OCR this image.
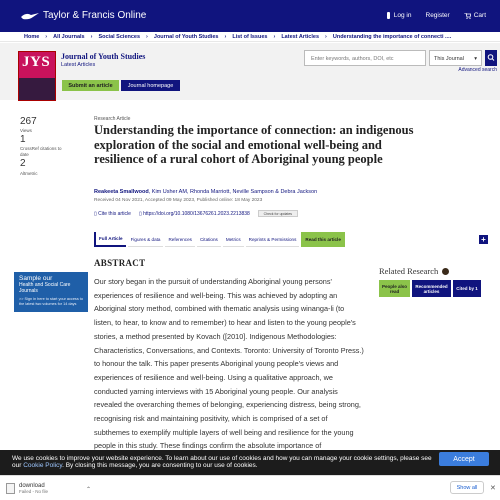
Taylor & Francis Online	Log in Register	Cart
Home › All Journals › Social Sciences › Journal of Youth Studies › List of Issues › Latest Articles › Understanding the importance of connecti ....
JYS	Journal of Youth Studies
Latest Articles
Submit an article	Journal homepage
Enter keywords, authors, DOI, etc	This Journal ▾
Advanced search
267
Views
1
CrossRef citations to date
2
Altmetric
Research Article
Understanding the importance of connection: an indigenous exploration of the social and emotional well-being and resilience of a rural cohort of Aboriginal young people
Reakeeta Smallwood, Kim Usher AM, Rhonda Marriott, Neville Sampson & Debra Jackson
Received 04 Nov 2021, Accepted 09 May 2023, Published online: 18 May 2023
▯ Cite this article ▯ https://doi.org/10.1080/13676261.2023.2213838	Check for updates
Full Article	Figures & data	References	Citations	Metrics	Reprints & Permissions	Read this article	+
Sample our
Health and Social Care Journals
>> Sign in here to start your access to the latest two volumes for 14 days
ABSTRACT
Our story began in the pursuit of understanding Aboriginal young persons' experiences of resilience and well-being. This was achieved by adopting an Aboriginal story method, combined with thematic analysis using winanga-li (to listen, to hear, to know and to remember) to hear and listen to the young people's stories, a method presented by Kovach ([2010]. Indigenous Methodologies: Characteristics, Conversations, and Contexts. Toronto: University of Toronto Press.) to honour the talk. This paper presents Aboriginal young people's views and experiences of resilience and well-being. Using a qualitative approach, we conducted yarning interviews with 15 Aboriginal young people. Our analysis revealed the overarching themes of belonging, experiencing distress, being strong, recognising risk and maintaining positivity, which is comprised of a set of subthemes to exemplify multiple layers of well being and resilience for the young people in this study. These findings confirm the absolute importance of
Related Research
People also read
Recommended articles	Cited by 1
We use cookies to improve your website experience. To learn about our use of cookies and how you can manage your cookie settings, please see our Cookie Policy. By closing this message, you are consenting to our use of cookies.
Accept
download
Failed - No file	⌃	Show all	✕
